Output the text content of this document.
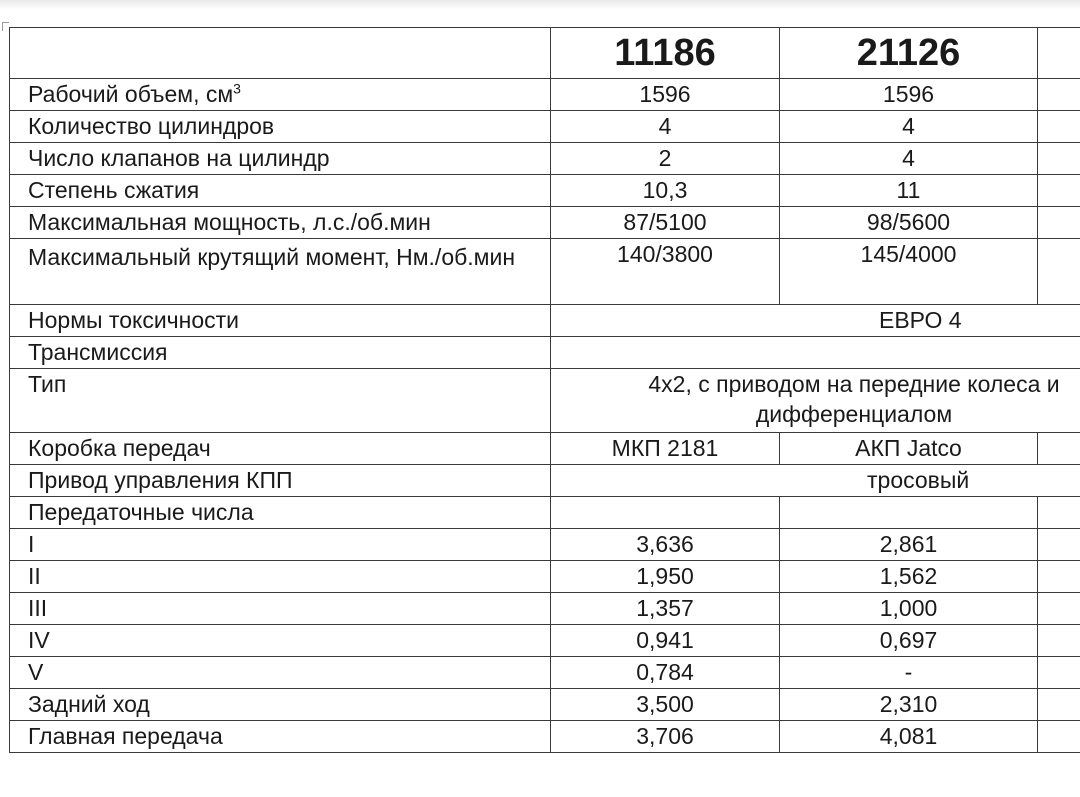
	11186	21126	
Рабочий объем, $см^3$	1596	1596	
Количество цилиндров	4	4	
Число клапанов на цилиндр	2	4	
Степень сжатия	10,3	11	
Максимальная мощность, л.с./об.мин	87/5100	98/5600	

Максимальный крутящий момент, Нм./об.мин	140/3800	145/4000	
Нормы токсичности	ЕВРО 4		
Трансмиссия			
Тип	4x2, с приводом на передние колеса и дифференциалом		

Коробка передач	МКП 2181	АКП Jatco	
Привод управления КПП	тросовый		
Передаточные числа			
I	3,636	2,861	
II	1,950	1,562	
III	1,357	1,000	
IV	0,941	0,697	
V	0,784	-	
Задний ход	3,500	2,310	
Главная передача	3,706	4,081	
